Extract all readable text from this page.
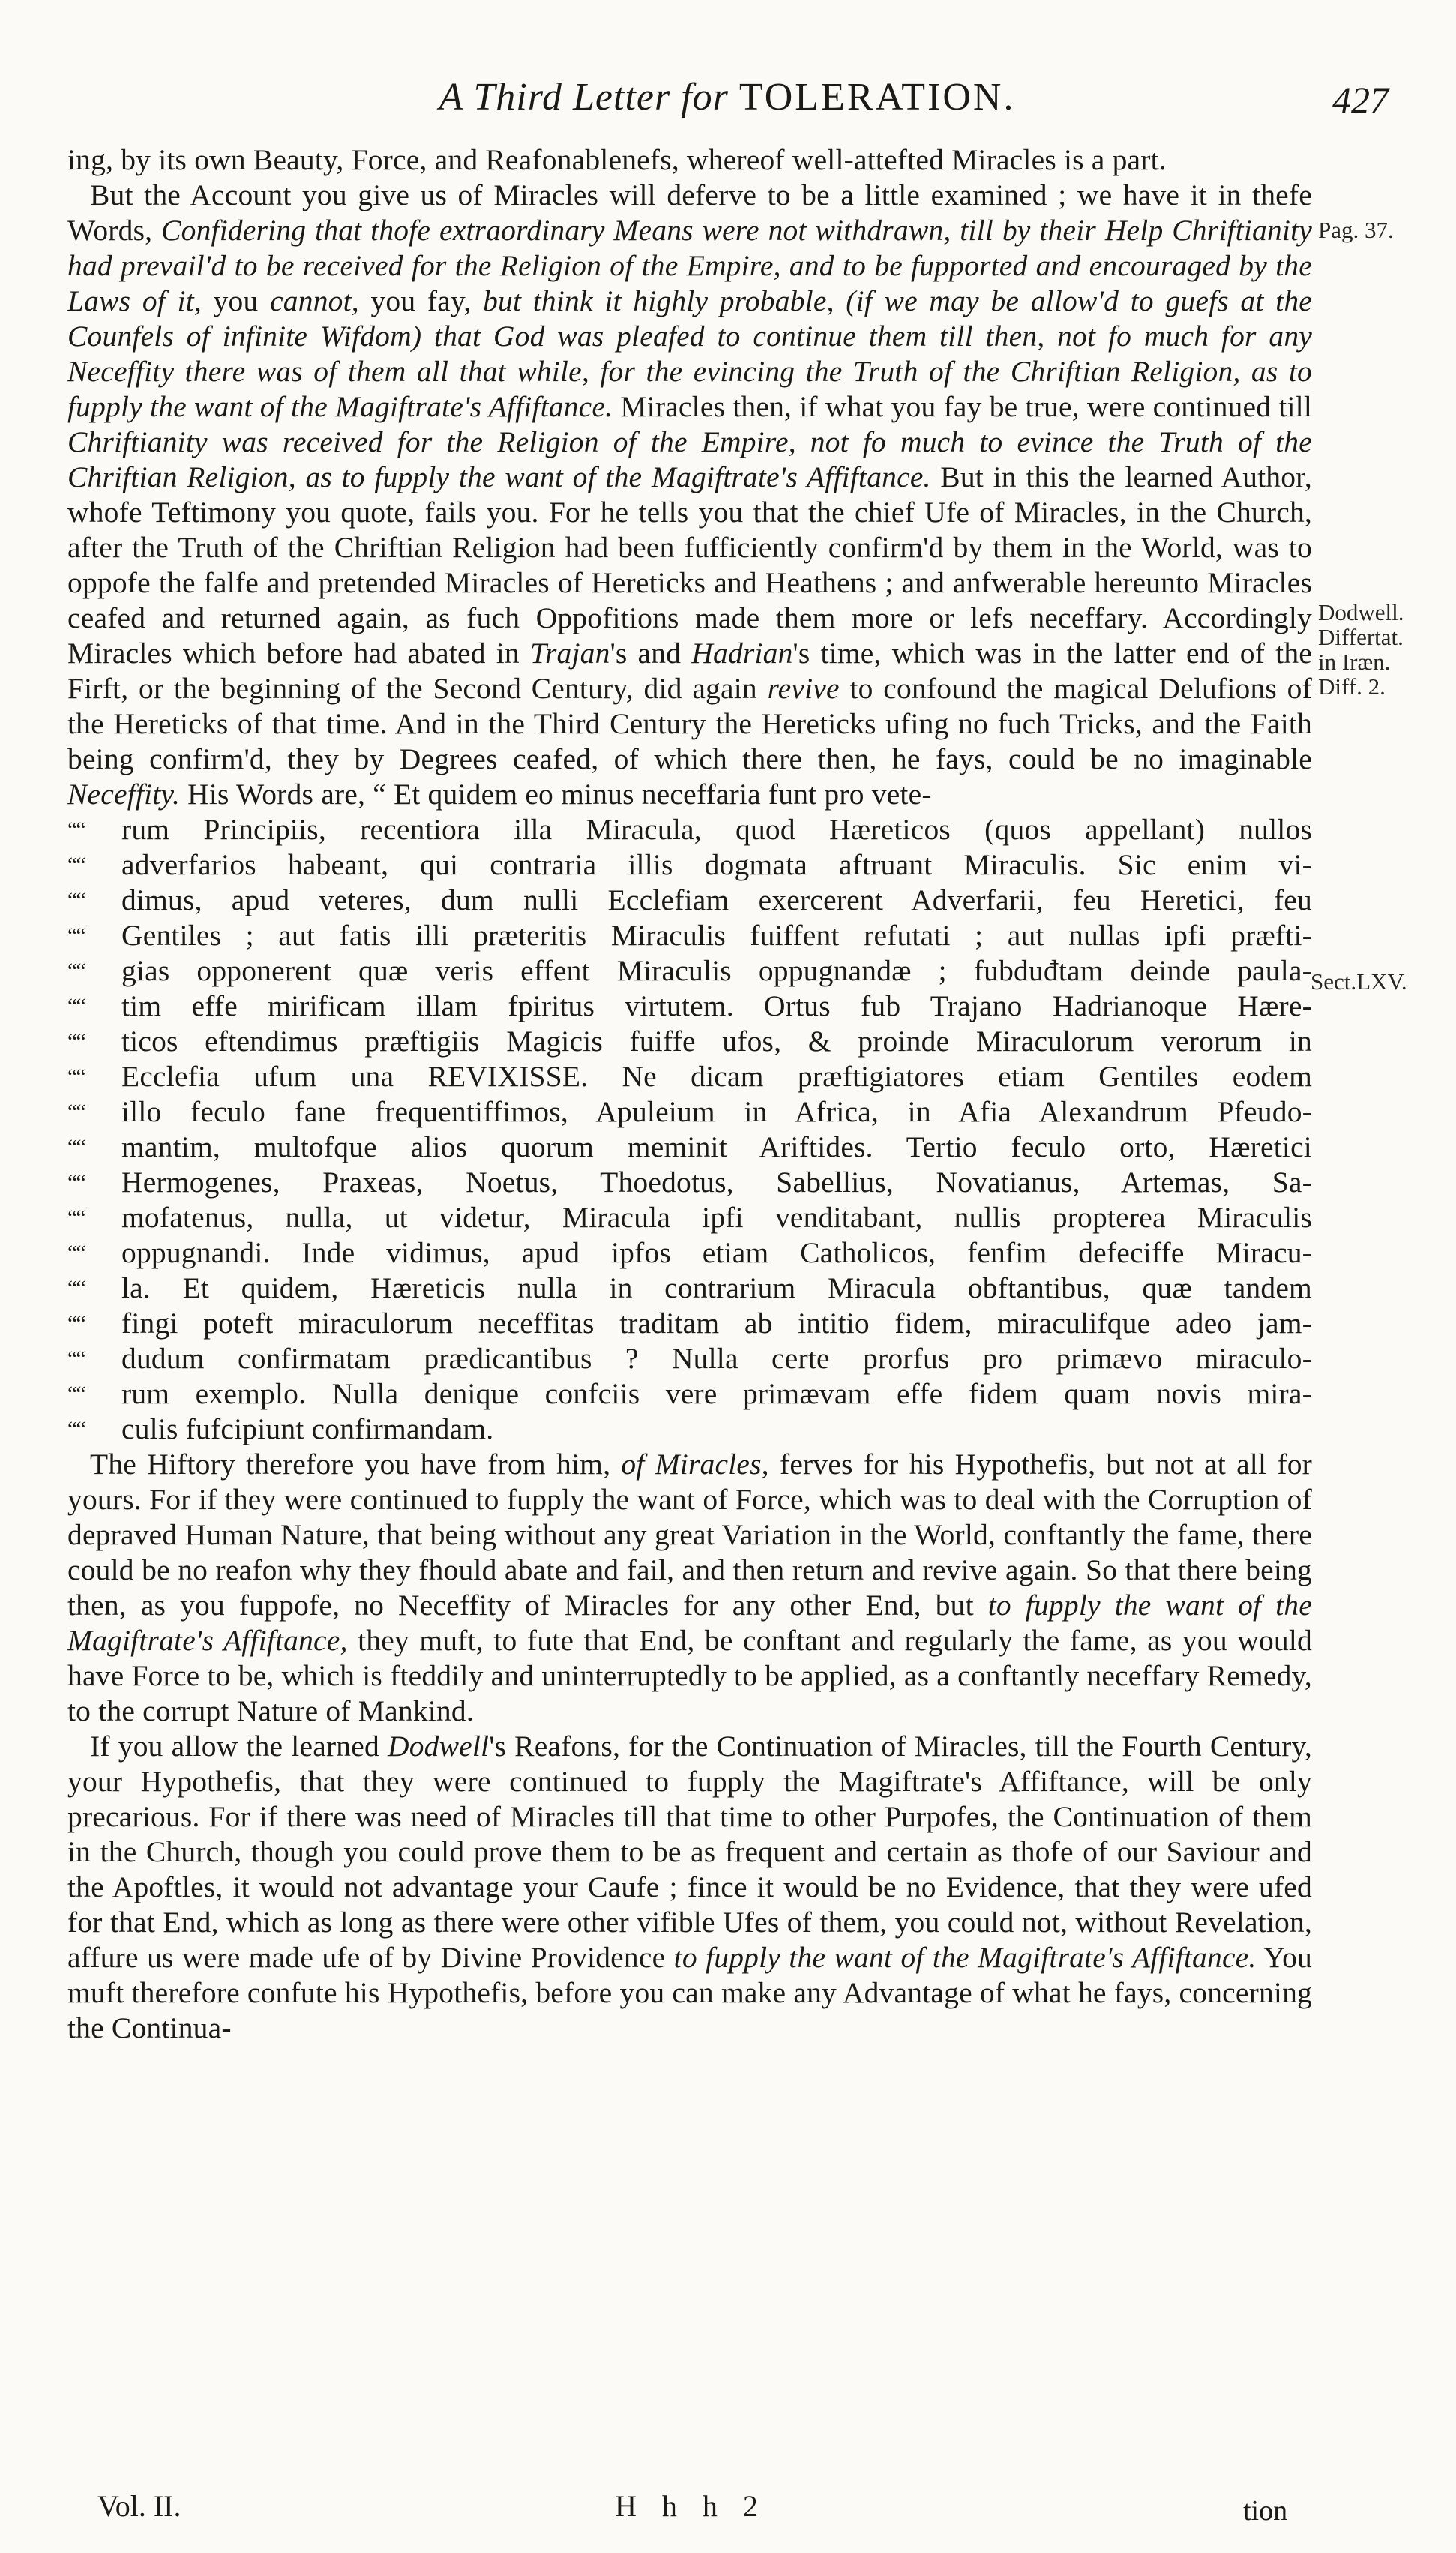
A Third Letter for TOLERATION.	427
Pag. 37.
Dodwell.
Differtat.
in Iræn.
Diff. 2.
Sect.LXV.

ing, by its own Beauty, Force, and Reafonablenefs, whereof well-attefted Miracles is a part.

But the Account you give us of Miracles will deferve to be a little examined ; we have it in thefe Words, Confidering that thofe extraordinary Means were not withdrawn, till by their Help Chriftianity had prevail'd to be received for the Religion of the Empire, and to be fupported and encouraged by the Laws of it, you cannot, you fay, but think it highly probable, (if we may be allow'd to guefs at the Counfels of infinite Wifdom) that God was pleafed to continue them till then, not fo much for any Neceffity there was of them all that while, for the evincing the Truth of the Chriftian Religion, as to fupply the want of the Magiftrate's Affiftance. Miracles then, if what you fay be true, were continued till Chriftianity was received for the Religion of the Empire, not fo much to evince the Truth of the Chriftian Religion, as to fupply the want of the Magiftrate's Affiftance. But in this the learned Author, whofe Teftimony you quote, fails you. For he tells you that the chief Ufe of Miracles, in the Church, after the Truth of the Chriftian Religion had been fufficiently confirm'd by them in the World, was to oppofe the falfe and pretended Miracles of Hereticks and Heathens ; and anfwerable hereunto Miracles ceafed and returned again, as fuch Oppofitions made them more or lefs neceffary. Accordingly Miracles which before had abated in Trajan's and Hadrian's time, which was in the latter end of the Firft, or the beginning of the Second Century, did again revive to confound the magical Delufions of the Hereticks of that time. And in the Third Century the Hereticks ufing no fuch Tricks, and the Faith being confirm'd, they by Degrees ceafed, of which there then, he fays, could be no imaginable Neceffity. His Words are, “ Et quidem eo minus neceffaria funt pro vete-

““ rum Principiis, recentiora illa Miracula, quod Hæreticos (quos appellant) nullos
““ adverfarios habeant, qui contraria illis dogmata aftruant Miraculis. Sic enim vi-
““ dimus, apud veteres, dum nulli Ecclefiam exercerent Adverfarii, feu Heretici, feu
““ Gentiles ; aut fatis illi præteritis Miraculis fuiffent refutati ; aut nullas ipfi præfti-
““ gias opponerent quæ veris effent Miraculis oppugnandæ ; fubduđtam deinde paula-
““ tim effe mirificam illam fpiritus virtutem. Ortus fub Trajano Hadrianoque Hære-
““ ticos eftendimus præftigiis Magicis fuiffe ufos, & proinde Miraculorum verorum in
““ Ecclefia ufum una REVIXISSE. Ne dicam præftigiatores etiam Gentiles eodem
““ illo feculo fane frequentiffimos, Apuleium in Africa, in Afia Alexandrum Pfeudo-
““ mantim, multofque alios quorum meminit Ariftides. Tertio feculo orto, Hæretici
““ Hermogenes, Praxeas, Noetus, Thoedotus, Sabellius, Novatianus, Artemas, Sa-
““ mofatenus, nulla, ut videtur, Miracula ipfi venditabant, nullis propterea Miraculis
““ oppugnandi. Inde vidimus, apud ipfos etiam Catholicos, fenfim defeciffe Miracu-
““ la. Et quidem, Hæreticis nulla in contrarium Miracula obftantibus, quæ tandem
““ fingi poteft miraculorum neceffitas traditam ab intitio fidem, miraculifque adeo jam-
““ dudum confirmatam prædicantibus ? Nulla certe prorfus pro primævo miraculo-
““ rum exemplo. Nulla denique confciis vere primævam effe fidem quam novis mira-
““ culis fufcipiunt confirmandam.

The Hiftory therefore you have from him, of Miracles, ferves for his Hypothefis, but not at all for yours. For if they were continued to fupply the want of Force, which was to deal with the Corruption of depraved Human Nature, that being without any great Variation in the World, conftantly the fame, there could be no reafon why they fhould abate and fail, and then return and revive again. So that there being then, as you fuppofe, no Neceffity of Miracles for any other End, but to fupply the want of the Magiftrate's Affiftance, they muft, to fute that End, be conftant and regularly the fame, as you would have Force to be, which is fteddily and uninterruptedly to be applied, as a conftantly neceffary Remedy, to the corrupt Nature of Mankind.

If you allow the learned Dodwell's Reafons, for the Continuation of Miracles, till the Fourth Century, your Hypothefis, that they were continued to fupply the Magiftrate's Affiftance, will be only precarious. For if there was need of Miracles till that time to other Purpofes, the Continuation of them in the Church, though you could prove them to be as frequent and certain as thofe of our Saviour and the Apoftles, it would not advantage your Caufe ; fince it would be no Evidence, that they were ufed for that End, which as long as there were other vifible Ufes of them, you could not, without Revelation, affure us were made ufe of by Divine Providence to fupply the want of the Magiftrate's Affiftance. You muft therefore confute his Hypothefis, before you can make any Advantage of what he fays, concerning the Continua-

Vol. II.	H h h 2	tion
